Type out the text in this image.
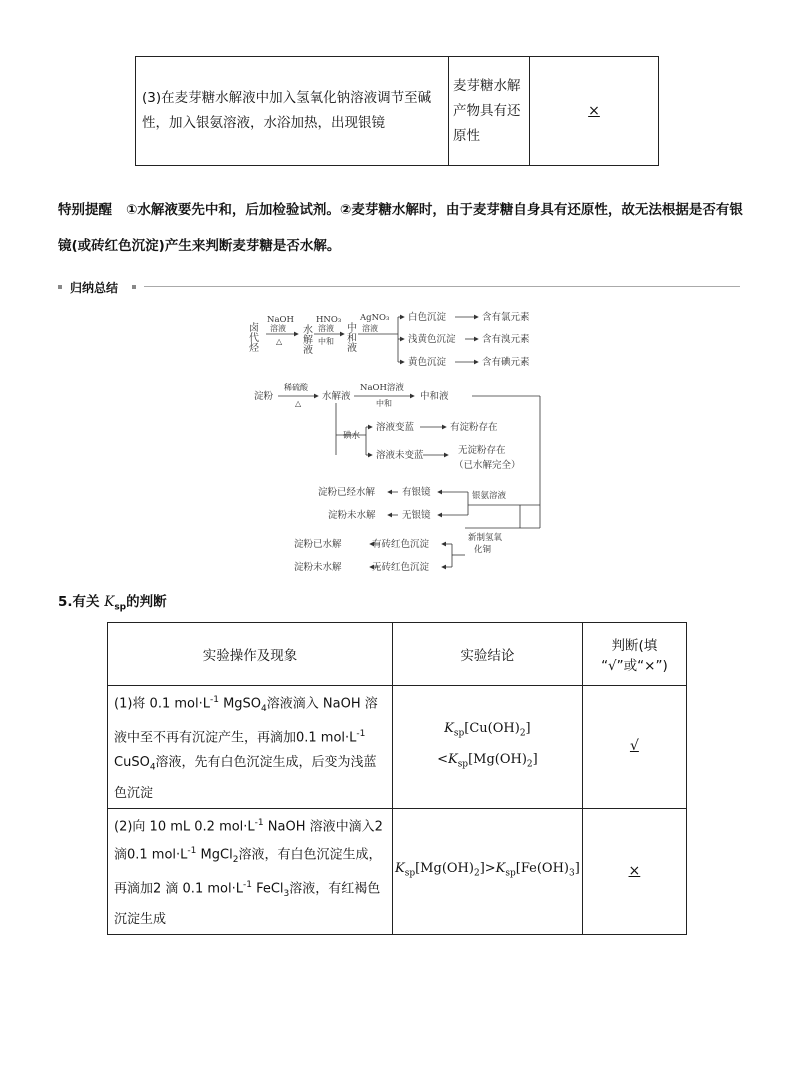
(3)在麦芽糖水解液中加入氢氧化钠溶液调节至碱性，加入银氨溶液，水浴加热，出现银镜	麦芽糖水解产物具有还原性	×
特别提醒 ①水解液要先中和，后加检验试剂。②麦芽糖水解时，由于麦芽糖自身具有还原性，故无法根据是否有银镜(或砖红色沉淀)产生来判断麦芽糖是否水解。
归纳总结
卤代烃
NaOH
溶液
△ 水解液
HNO₃
溶液
中和 中和液
AgNO₃
溶液
白色沉淀	含有氯元素
浅黄色沉淀	含有溴元素
黄色沉淀	含有碘元素
淀粉
稀硫酸
△
水解液
NaOH溶液
中和
中和液
碘水
溶液变蓝	有淀粉存在
溶液未变蓝	无淀粉存在
（已水解完全）
银氨溶液
有银镜
淀粉已经水解
无银镜
淀粉未水解
新制氢氧
化铜
有砖红色沉淀
淀粉已水解
无砖红色沉淀
淀粉未水解
5.有关 $K_{sp}$的判断
实验操作及现象	实验结论	判断(填
“√”或“×”)
(1)将 0.1 $mol\cdot L^{-1}$ MgSO$_4$溶液滴入 NaOH 溶液中至不再有沉淀产生，再滴加0.1 $mol\cdot L^{-1}$ CuSO$_4$溶液，先有白色沉淀生成，后变为浅蓝色沉淀	$K_{sp}[Cu(OH)_2]<K_{sp}[Mg(OH)_2]$	√
(2)向 10 mL 0.2 $mol\cdot L^{-1}$ NaOH 溶液中滴入2滴0.1 $mol\cdot L^{-1}$ MgCl$_2$溶液，有白色沉淀生成，再滴加2 滴 0.1 $mol\cdot L^{-1}$ FeCl$_3$溶液，有红褐色沉淀生成	$K_{sp}[Mg(OH)_2]>K_{sp}[Fe(OH)_3]$	×
